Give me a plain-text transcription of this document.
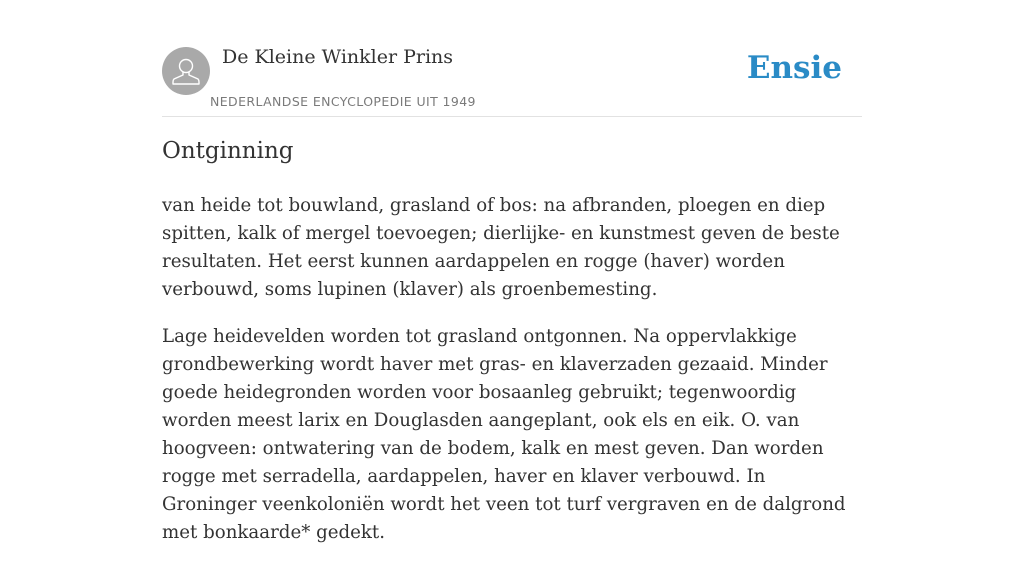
De Kleine Winkler Prins
NEDERLANDSE ENCYCLOPEDIE UIT 1949
Ensie
Ontginning

van heide tot bouwland, grasland of bos: na afbranden, ploegen en diep spitten, kalk of mergel toevoegen; dierlijke- en kunstmest geven de beste resultaten. Het eerst kunnen aardappelen en rogge (haver) worden verbouwd, soms lupinen (klaver) als groenbemesting.

Lage heidevelden worden tot grasland ontgonnen. Na oppervlakkige grondbewerking wordt haver met gras- en klaverzaden gezaaid. Minder goede heidegronden worden voor bosaanleg gebruikt; tegenwoordig worden meest larix en Douglasden aangeplant, ook els en eik. O. van hoogveen: ontwatering van de bodem, kalk en mest geven. Dan worden rogge met serradella, aardappelen, haver en klaver verbouwd. In Groninger veenkoloniën wordt het veen tot turf vergraven en de dalgrond met bonkaarde* gedekt.
